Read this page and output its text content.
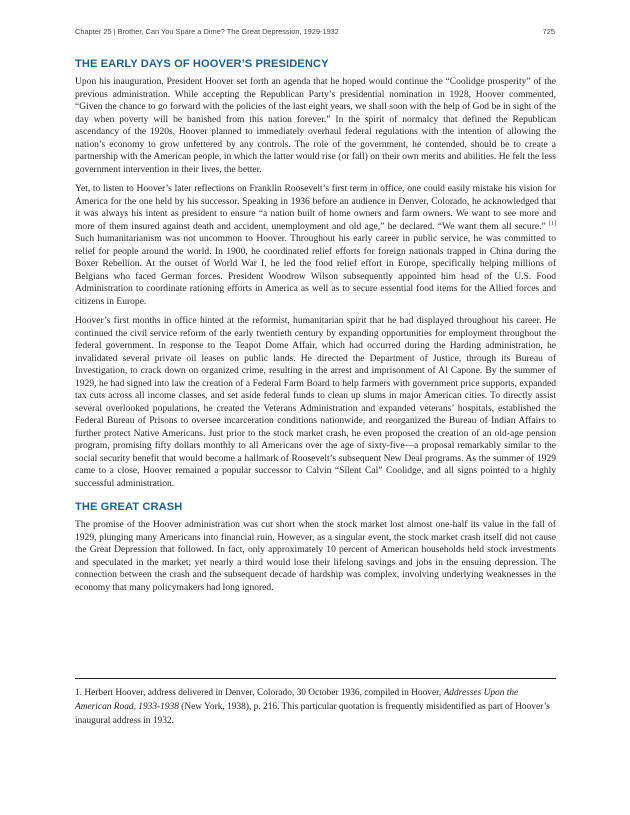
Chapter 25 | Brother, Can You Spare a Dime? The Great Depression, 1929-1932	725
THE EARLY DAYS OF HOOVER’S PRESIDENCY

Upon his inauguration, President Hoover set forth an agenda that he hoped would continue the “Coolidge prosperity” of the previous administration. While accepting the Republican Party’s presidential nomination in 1928, Hoover commented, “Given the chance to go forward with the policies of the last eight years, we shall soon with the help of God be in sight of the day when poverty will be banished from this nation forever.” In the spirit of normalcy that defined the Republican ascendancy of the 1920s, Hoover planned to immediately overhaul federal regulations with the intention of allowing the nation’s economy to grow unfettered by any controls. The role of the government, he contended, should be to create a partnership with the American people, in which the latter would rise (or fall) on their own merits and abilities. He felt the less government intervention in their lives, the better.

Yet, to listen to Hoover’s later reflections on Franklin Roosevelt’s first term in office, one could easily mistake his vision for America for the one held by his successor. Speaking in 1936 before an audience in Denver, Colorado, he acknowledged that it was always his intent as president to ensure “a nation built of home owners and farm owners. We want to see more and more of them insured against death and accident, unemployment and old age,” he declared. “We want them all secure.” [1] Such humanitarianism was not uncommon to Hoover. Throughout his early career in public service, he was committed to relief for people around the world. In 1900, he coordinated relief efforts for foreign nationals trapped in China during the Boxer Rebellion. At the outset of World War I, he led the food relief effort in Europe, specifically helping millions of Belgians who faced German forces. President Woodrow Wilson subsequently appointed him head of the U.S. Food Administration to coordinate rationing efforts in America as well as to secure essential food items for the Allied forces and citizens in Europe.

Hoover’s first months in office hinted at the reformist, humanitarian spirit that he had displayed throughout his career. He continued the civil service reform of the early twentieth century by expanding opportunities for employment throughout the federal government. In response to the Teapot Dome Affair, which had occurred during the Harding administration, he invalidated several private oil leases on public lands. He directed the Department of Justice, through its Bureau of Investigation, to crack down on organized crime, resulting in the arrest and imprisonment of Al Capone. By the summer of 1929, he had signed into law the creation of a Federal Farm Board to help farmers with government price supports, expanded tax cuts across all income classes, and set aside federal funds to clean up slums in major American cities. To directly assist several overlooked populations, he created the Veterans Administration and expanded veterans’ hospitals, established the Federal Bureau of Prisons to oversee incarceration conditions nationwide, and reorganized the Bureau of Indian Affairs to further protect Native Americans. Just prior to the stock market crash, he even proposed the creation of an old-age pension program, promising fifty dollars monthly to all Americans over the age of sixty-five—a proposal remarkably similar to the social security benefit that would become a hallmark of Roosevelt’s subsequent New Deal programs. As the summer of 1929 came to a close, Hoover remained a popular successor to Calvin “Silent Cal” Coolidge, and all signs pointed to a highly successful administration.

THE GREAT CRASH

The promise of the Hoover administration was cut short when the stock market lost almost one-half its value in the fall of 1929, plunging many Americans into financial ruin. However, as a singular event, the stock market crash itself did not cause the Great Depression that followed. In fact, only approximately 10 percent of American households held stock investments and speculated in the market; yet nearly a third would lose their lifelong savings and jobs in the ensuing depression. The connection between the crash and the subsequent decade of hardship was complex, involving underlying weaknesses in the economy that many policymakers had long ignored.

1. Herbert Hoover, address delivered in Denver, Colorado, 30 October 1936, compiled in Hoover, Addresses Upon the American Road, 1933-1938 (New York, 1938), p. 216. This particular quotation is frequently misidentified as part of Hoover’s inaugural address in 1932.
